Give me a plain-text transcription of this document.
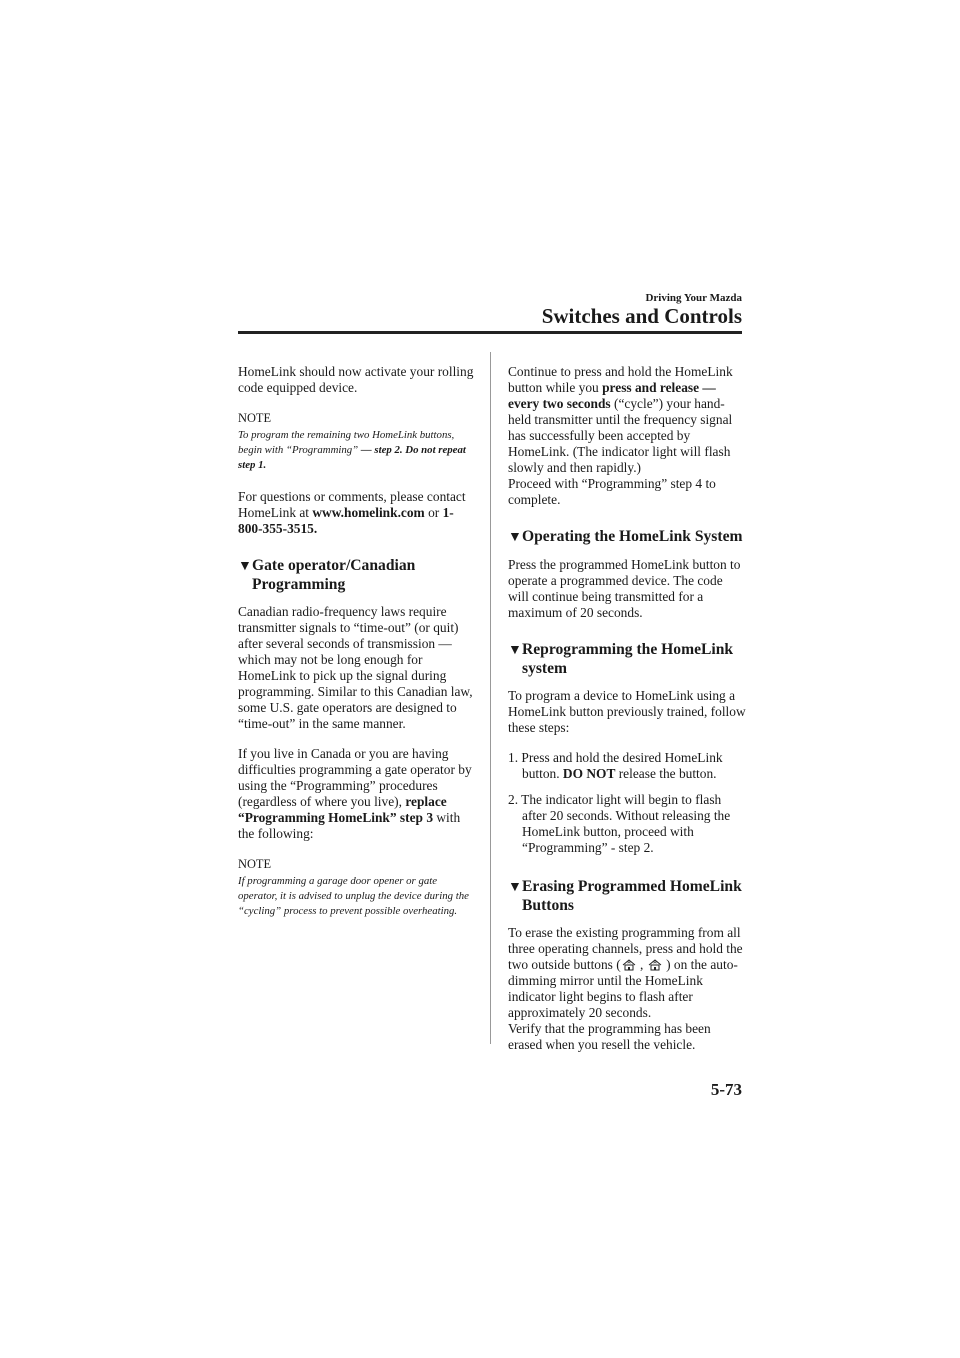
Driving Your Mazda
Switches and Controls

HomeLink should now activate your rolling code equipped device.

NOTE
To program the remaining two HomeLink buttons, begin with “Programming” — step 2. Do not repeat step 1.

For questions or comments, please contact HomeLink at www.homelink.com or 1-800-355-3515.

▼Gate operator/Canadian Programming

Canadian radio-frequency laws require transmitter signals to “time-out” (or quit) after several seconds of transmission ― which may not be long enough for HomeLink to pick up the signal during programming. Similar to this Canadian law, some U.S. gate operators are designed to “time-out” in the same manner.

If you live in Canada or you are having difficulties programming a gate operator by using the “Programming” procedures (regardless of where you live), replace “Programming HomeLink” step 3 with the following:

NOTE
If programming a garage door opener or gate operator, it is advised to unplug the device during the “cycling” process to prevent possible overheating.

Continue to press and hold the HomeLink button while you press and release ― every two seconds (“cycle”) your hand-held transmitter until the frequency signal has successfully been accepted by HomeLink. (The indicator light will flash slowly and then rapidly.)
Proceed with “Programming” step 4 to complete.

▼Operating the HomeLink System

Press the programmed HomeLink button to operate a programmed device. The code will continue being transmitted for a maximum of 20 seconds.

▼Reprogramming the HomeLink system

To program a device to HomeLink using a HomeLink button previously trained, follow these steps:

1. Press and hold the desired HomeLink button. DO NOT release the button.
2. The indicator light will begin to flash after 20 seconds. Without releasing the HomeLink button, proceed with “Programming” - step 2.
▼Erasing Programmed HomeLink Buttons

To erase the existing programming from all three operating channels, press and hold the two outside buttons ( ,  ) on the auto-dimming mirror until the HomeLink indicator light begins to flash after approximately 20 seconds.
Verify that the programming has been erased when you resell the vehicle.

5-73
